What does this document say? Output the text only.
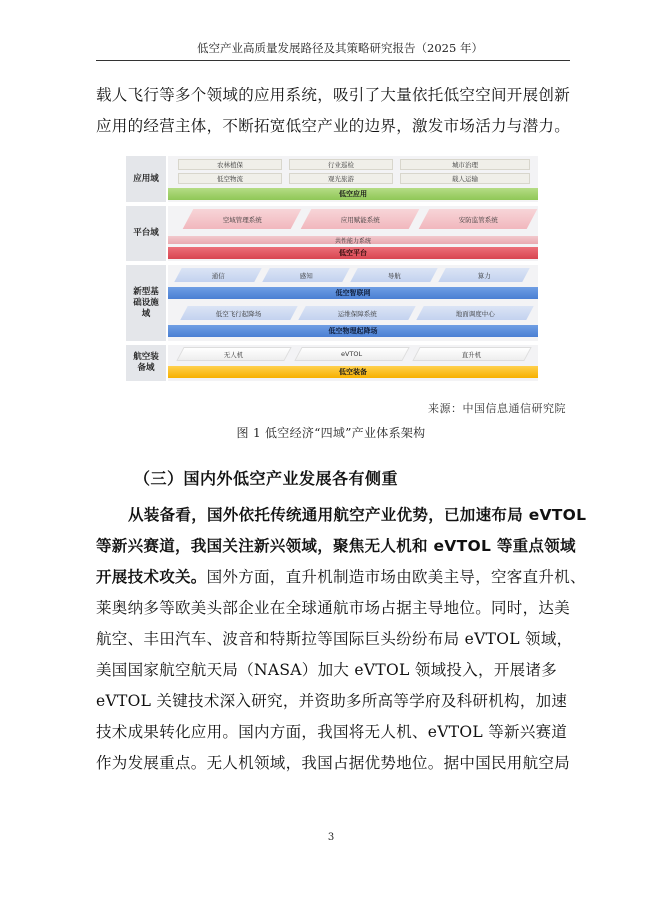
低空产业高质量发展路径及其策略研究报告（2025 年）
载人飞行等多个领域的应用系统，吸引了大量依托低空空间开展创新
应用的经营主体，不断拓宽低空产业的边界，激发市场活力与潜力。
应用域
农林植保	行业巡检	城市治理
低空物流	观光旅游	载人运输
低空应用
平台域
空域管理系统	应用赋能系统	安防监管系统
共性能力系统
低空平台
新型基础设施域
通信	感知	导航	算力
低空智联网
低空飞行起降场	运维保障系统	地面调度中心
低空物理起降场
航空装备域
无人机	eVTOL	直升机
低空装备
来源：中国信息通信研究院
图 1 低空经济“四域”产业体系架构
（三）国内外低空产业发展各有侧重
从装备看，国外依托传统通用航空产业优势，已加速布局 eVTOL
等新兴赛道，我国关注新兴领域，聚焦无人机和 eVTOL 等重点领域
开展技术攻关。国外方面，直升机制造市场由欧美主导，空客直升机、
莱奥纳多等欧美头部企业在全球通航市场占据主导地位。同时，达美
航空、丰田汽车、波音和特斯拉等国际巨头纷纷布局 eVTOL 领域，
美国国家航空航天局（NASA）加大 eVTOL 领域投入，开展诸多
eVTOL 关键技术深入研究，并资助多所高等学府及科研机构，加速
技术成果转化应用。国内方面，我国将无人机、eVTOL 等新兴赛道
作为发展重点。无人机领域，我国占据优势地位。据中国民用航空局
3
